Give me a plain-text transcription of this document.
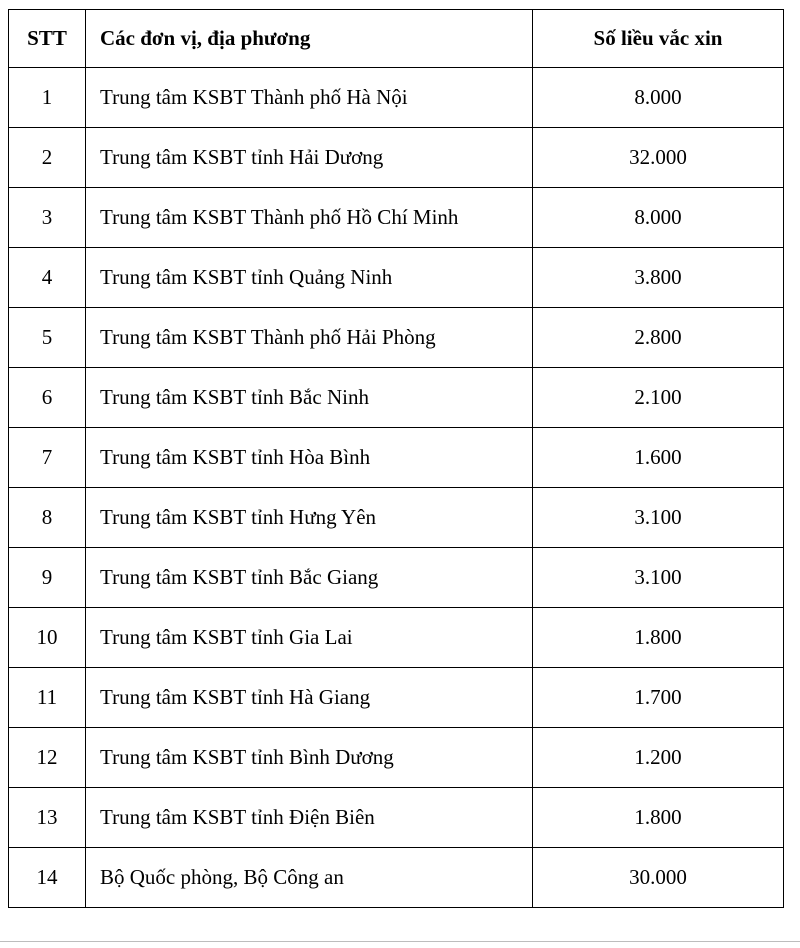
STT	Các đơn vị, địa phương	Số liều vắc xin
1	Trung tâm KSBT Thành phố Hà Nội	8.000
2	Trung tâm KSBT tỉnh Hải Dương	32.000
3	Trung tâm KSBT Thành phố Hồ Chí Minh	8.000
4	Trung tâm KSBT tỉnh Quảng Ninh	3.800
5	Trung tâm KSBT Thành phố Hải Phòng	2.800
6	Trung tâm KSBT tỉnh Bắc Ninh	2.100
7	Trung tâm KSBT tỉnh Hòa Bình	1.600
8	Trung tâm KSBT tỉnh Hưng Yên	3.100
9	Trung tâm KSBT tỉnh Bắc Giang	3.100
10	Trung tâm KSBT tỉnh Gia Lai	1.800
11	Trung tâm KSBT tỉnh Hà Giang	1.700
12	Trung tâm KSBT tỉnh Bình Dương	1.200
13	Trung tâm KSBT tỉnh Điện Biên	1.800
14	Bộ Quốc phòng, Bộ Công an	30.000
